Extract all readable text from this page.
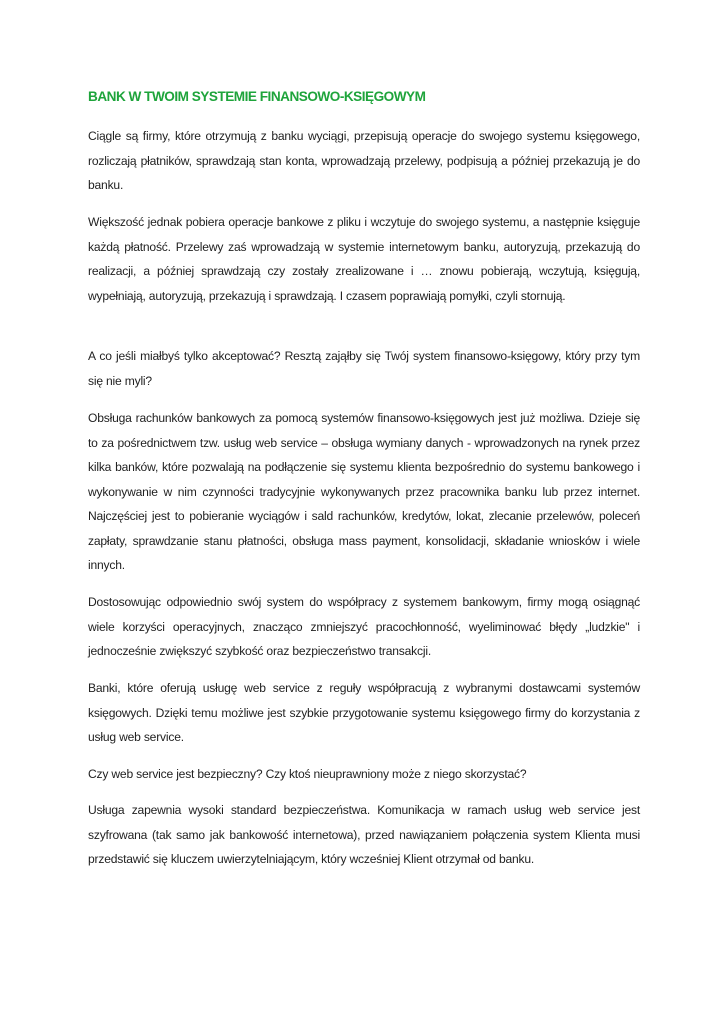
BANK W TWOIM SYSTEMIE FINANSOWO-KSIĘGOWYM

Ciągle są firmy, które otrzymują z banku wyciągi, przepisują operacje do swojego systemu księgowego, rozliczają płatników, sprawdzają stan konta, wprowadzają przelewy, podpisują a później przekazują je do banku.

Większość jednak pobiera operacje bankowe z pliku i wczytuje do swojego systemu, a następnie księguje każdą płatność. Przelewy zaś wprowadzają w systemie internetowym banku, autoryzują, przekazują do realizacji, a później sprawdzają czy zostały zrealizowane i … znowu pobierają, wczytują, księgują, wypełniają, autoryzują, przekazują i sprawdzają. I czasem poprawiają pomyłki, czyli stornują.

A co jeśli miałbyś tylko akceptować? Resztą zająłby się Twój system finansowo-księgowy, który przy tym się nie myli?

Obsługa rachunków bankowych za pomocą systemów finansowo-księgowych jest już możliwa. Dzieje się to za pośrednictwem tzw. usług web service – obsługa wymiany danych - wprowadzonych na rynek przez kilka banków, które pozwalają na podłączenie się systemu klienta bezpośrednio do systemu bankowego i wykonywanie w nim czynności tradycyjnie wykonywanych przez pracownika banku lub przez internet. Najczęściej jest to pobieranie wyciągów i sald rachunków, kredytów, lokat, zlecanie przelewów, poleceń zapłaty, sprawdzanie stanu płatności, obsługa mass payment, konsolidacji, składanie wniosków i wiele innych.

Dostosowując odpowiednio swój system do współpracy z systemem bankowym, firmy mogą osiągnąć wiele korzyści operacyjnych, znacząco zmniejszyć pracochłonność, wyeliminować błędy „ludzkie" i jednocześnie zwiększyć szybkość oraz bezpieczeństwo transakcji.

Banki, które oferują usługę web service z reguły współpracują z wybranymi dostawcami systemów księgowych. Dzięki temu możliwe jest szybkie przygotowanie systemu księgowego firmy do korzystania z usług web service.

Czy web service jest bezpieczny? Czy ktoś nieuprawniony może z niego skorzystać?

Usługa zapewnia wysoki standard bezpieczeństwa. Komunikacja w ramach usług web service jest szyfrowana (tak samo jak bankowość internetowa), przed nawiązaniem połączenia system Klienta musi przedstawić się kluczem uwierzytelniającym, który wcześniej Klient otrzymał od banku.
